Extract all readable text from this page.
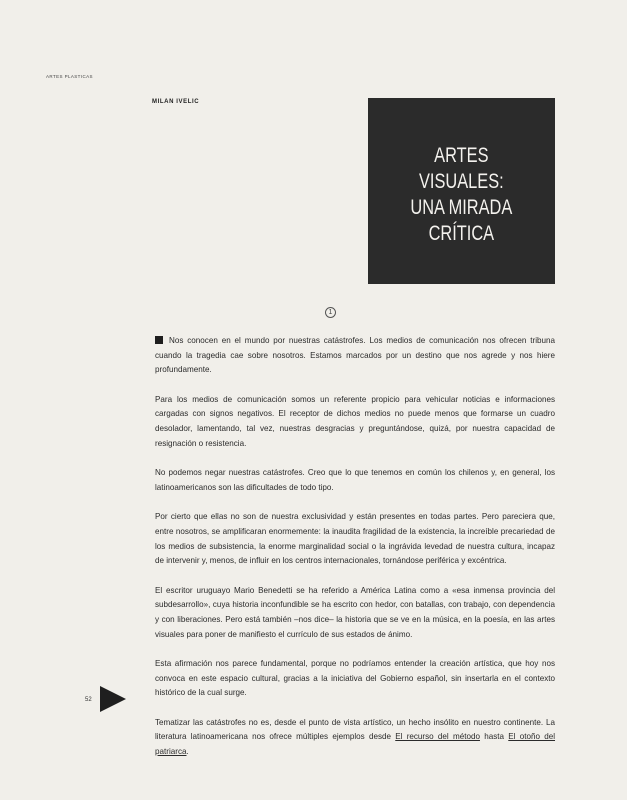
ARTES PLASTICAS
MILAN IVELIC
ARTES
VISUALES:
UNA MIRADA
CRÍTICA
1

Nos conocen en el mundo por nuestras catástrofes. Los medios de comunicación nos ofrecen tribuna cuando la tragedia cae sobre nosotros. Estamos marcados por un destino que nos agrede y nos hiere profundamente.

Para los medios de comunicación somos un referente propicio para vehicular noticias e informaciones cargadas con signos negativos. El receptor de dichos medios no puede menos que formarse un cuadro desolador, lamentando, tal vez, nuestras desgracias y preguntándose, quizá, por nuestra capacidad de resignación o resistencia.

No podemos negar nuestras catástrofes. Creo que lo que tenemos en común los chilenos y, en general, los latinoamericanos son las dificultades de todo tipo.

Por cierto que ellas no son de nuestra exclusividad y están presentes en todas partes. Pero pareciera que, entre nosotros, se amplificaran enormemente: la inaudita fragilidad de la existencia, la increíble precariedad de los medios de subsistencia, la enorme marginalidad social o la ingrávida levedad de nuestra cultura, incapaz de intervenir y, menos, de influir en los centros internacionales, tornándose periférica y excéntrica.

El escritor uruguayo Mario Benedetti se ha referido a América Latina como a «esa inmensa provincia del subdesarrollo», cuya historia inconfundible se ha escrito con hedor, con batallas, con trabajo, con dependencia y con liberaciones. Pero está también –nos dice– la historia que se ve en la música, en la poesía, en las artes visuales para poner de manifiesto el currículo de sus estados de ánimo.

Esta afirmación nos parece fundamental, porque no podríamos entender la creación artística, que hoy nos convoca en este espacio cultural, gracias a la iniciativa del Gobierno español, sin insertarla en el contexto histórico de la cual surge.

Tematizar las catástrofes no es, desde el punto de vista artístico, un hecho insólito en nuestro continente. La literatura latinoamericana nos ofrece múltiples ejemplos desde El recurso del método hasta El otoño del patriarca.

52
